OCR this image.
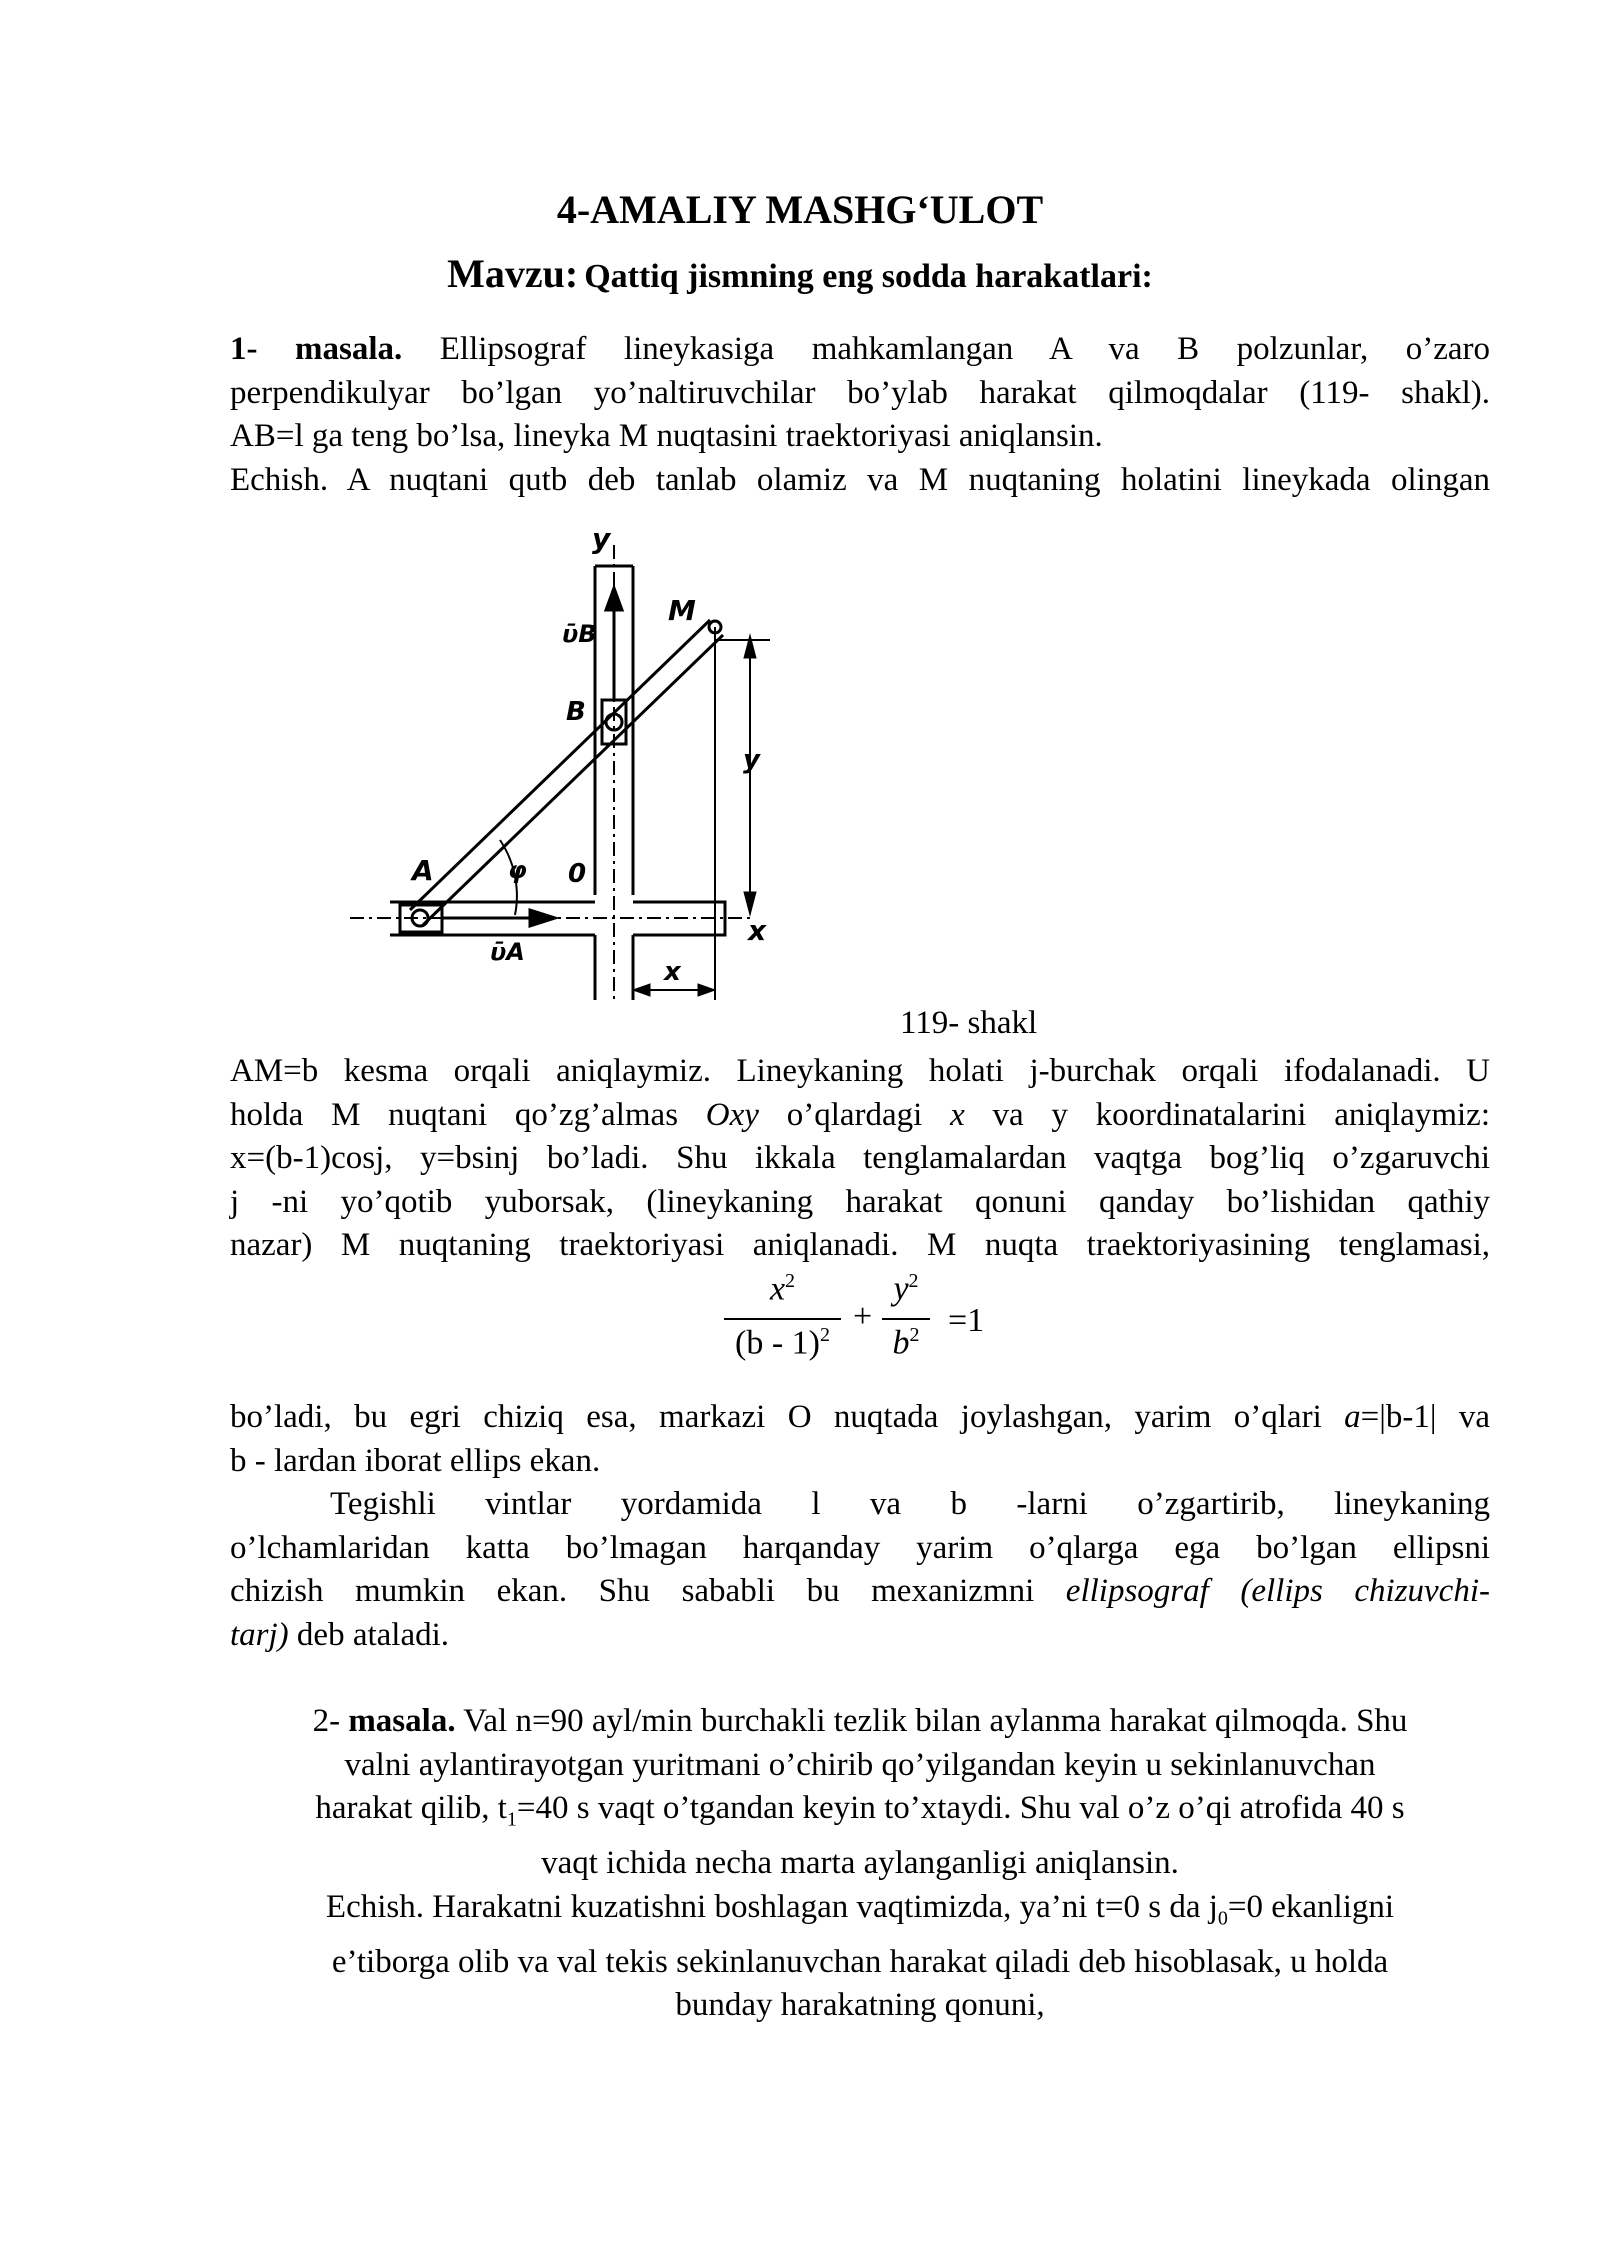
4-AMALIY MASHG‘ULOT
Mavzu: Qattiq jismning eng sodda harakatlari:
1- masala. Ellipsograf lineykasiga mahkamlangan A va B polzunlar, o’zaro
perpendikulyar bo’lgan yo’naltiruvchilar bo’ylab harakat qilmoqdalar (119- shakl).
AB=l ga teng bo’lsa, lineyka M nuqtasini traektoriyasi aniqlansin.
Echish. A nuqtani qutb deb tanlab olamiz va M nuqtaning holatini lineykada olingan
y
x
ῡB
ῡA
M
B
A	0
φ
y
x

119- shakl

AM=b kesma orqali aniqlaymiz. Lineykaning holati j-burchak orqali ifodalanadi. U
holda M nuqtani qo’zg’almas Oxy o’qlardagi x va y koordinatalarini aniqlaymiz:
x=(b-1)cosj, y=bsinj bo’ladi. Shu ikkala tenglamalardan vaqtga bog’liq o’zgaruvchi
j -ni yo’qotib yuborsak, (lineykaning harakat qonuni qanday bo’lishidan qathiy
nazar) M nuqtaning traektoriyasi aniqlanadi. M nuqta traektoriyasining tenglamasi,
$x^2$
(b - 1)$^2$ +
$y^2$
$b^2 =1$
bo’ladi, bu egri chiziq esa, markazi O nuqtada joylashgan, yarim o’qlari a=|b-1| va
b - lardan iborat ellips ekan.
Tegishli vintlar yordamida l va b -larni o’zgartirib, lineykaning
o’lchamlaridan katta bo’lmagan harqanday yarim o’qlarga ega bo’lgan ellipsni
chizish mumkin ekan. Shu sababli bu mexanizmni ellipsograf (ellips chizuvchi-
tarj) deb ataladi.
2- masala. Val n=90 ayl/min burchakli tezlik bilan aylanma harakat qilmoqda. Shu
valni aylantirayotgan yuritmani o’chirib qo’yilgandan keyin u sekinlanuvchan
harakat qilib, $t_1=40$ s vaqt o’tgandan keyin to’xtaydi. Shu val o’z o’qi atrofida 40 s
vaqt ichida necha marta aylanganligi aniqlansin.
Echish. Harakatni kuzatishni boshlagan vaqtimizda, ya’ni t=0 s da $j_0=0$ ekanligni
e’tiborga olib va val tekis sekinlanuvchan harakat qiladi deb hisoblasak, u holda
bunday harakatning qonuni,
